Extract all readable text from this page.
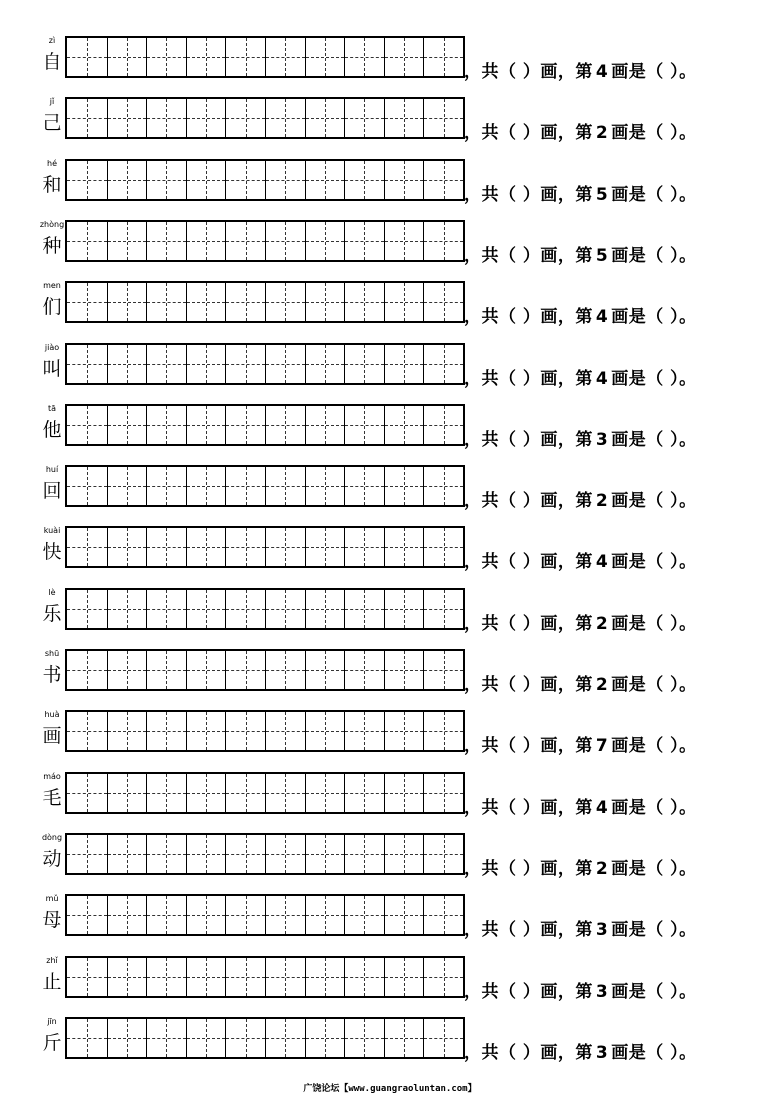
zì
自	，共（ ）画，第 4 画是（ ）。
jǐ
己	，共（ ）画，第 2 画是（ ）。
hé
和	，共（ ）画，第 5 画是（ ）。
zhòng
种	，共（ ）画，第 5 画是（ ）。
men
们	，共（ ）画，第 4 画是（ ）。
jiào
叫	，共（ ）画，第 4 画是（ ）。
tā
他	，共（ ）画，第 3 画是（ ）。
huí
回	，共（ ）画，第 2 画是（ ）。
kuài
快	，共（ ）画，第 4 画是（ ）。
lè
乐	，共（ ）画，第 2 画是（ ）。
shū
书	，共（ ）画，第 2 画是（ ）。
huà
画	，共（ ）画，第 7 画是（ ）。
máo
毛	，共（ ）画，第 4 画是（ ）。
dòng
动	，共（ ）画，第 2 画是（ ）。
mǔ
母	，共（ ）画，第 3 画是（ ）。
zhǐ
止	，共（ ）画，第 3 画是（ ）。
jīn
斤	，共（ ）画，第 3 画是（ ）。
广饶论坛【www.guangraoluntan.com】
